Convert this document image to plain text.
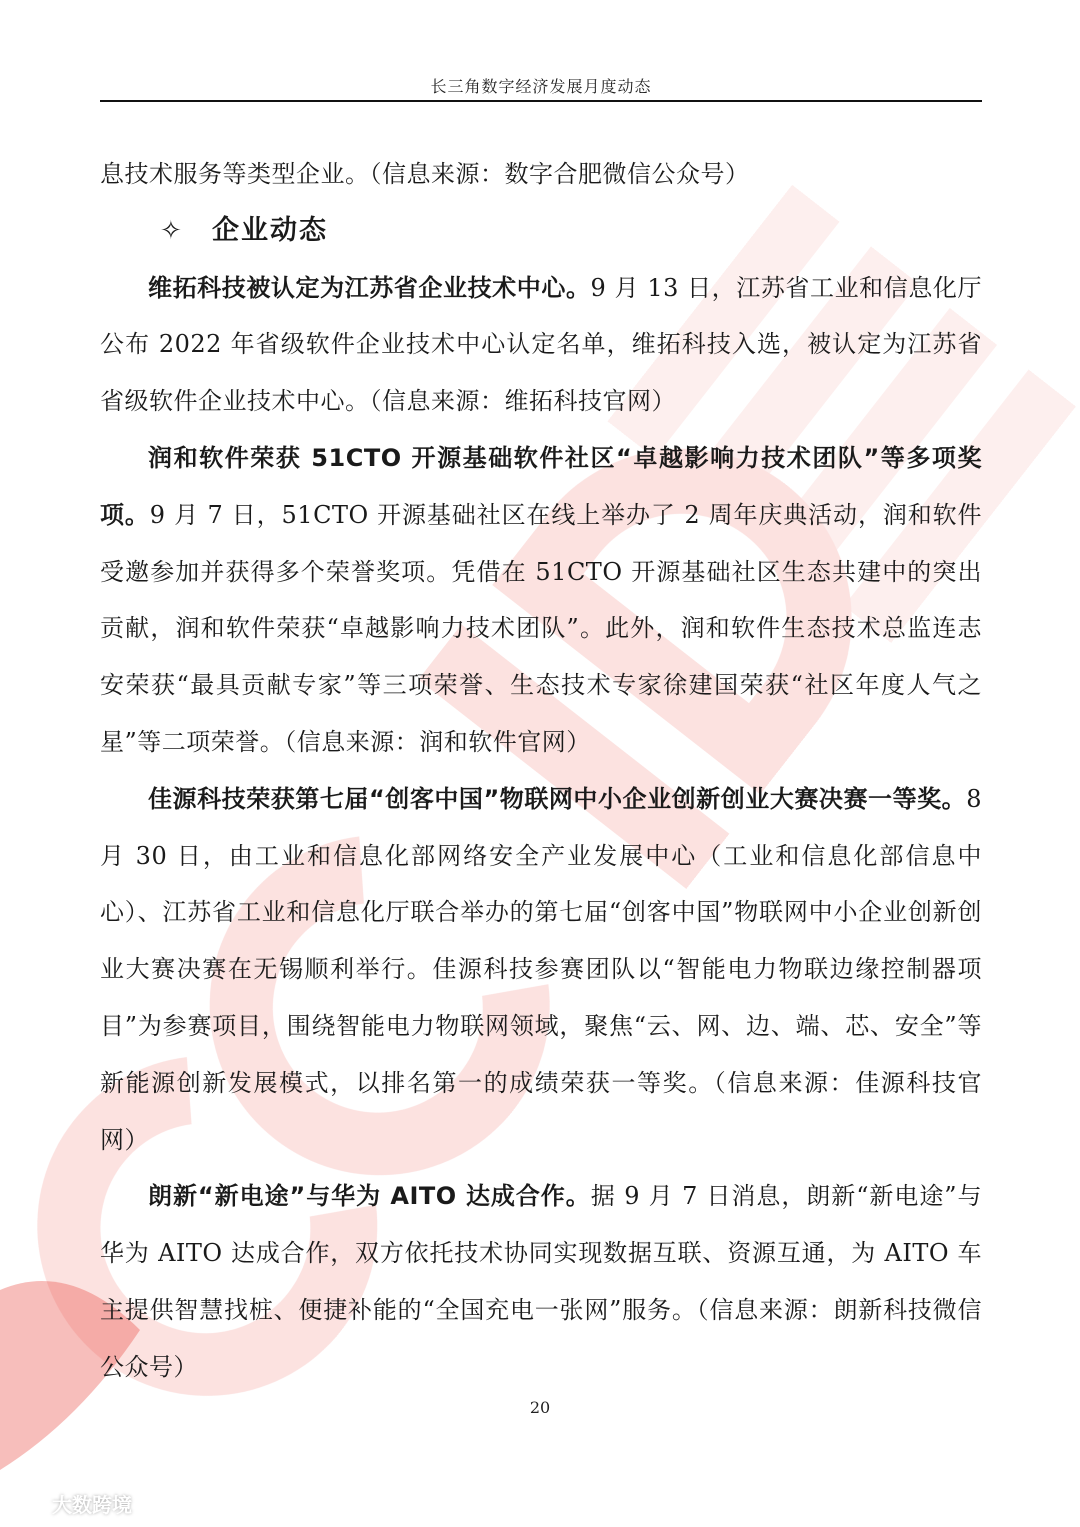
长三角数字经济发展月度动态

息技术服务等类型企业。（信息来源：数字合肥微信公众号）

✧ 企业动态

维拓科技被认定为江苏省企业技术中心。9 月 13 日，江苏省工业和信息化厅公布 2022 年省级软件企业技术中心认定名单，维拓科技入选，被认定为江苏省省级软件企业技术中心。（信息来源：维拓科技官网）

润和软件荣获 51CTO 开源基础软件社区“卓越影响力技术团队”等多项奖项。9 月 7 日，51CTO 开源基础社区在线上举办了 2 周年庆典活动，润和软件受邀参加并获得多个荣誉奖项。凭借在 51CTO 开源基础社区生态共建中的突出贡献，润和软件荣获“卓越影响力技术团队”。此外，润和软件生态技术总监连志安荣获“最具贡献专家”等三项荣誉、生态技术专家徐建国荣获“社区年度人气之星”等二项荣誉。（信息来源：润和软件官网）

佳源科技荣获第七届“创客中国”物联网中小企业创新创业大赛决赛一等奖。8 月 30 日，由工业和信息化部网络安全产业发展中心（工业和信息化部信息中心）、江苏省工业和信息化厅联合举办的第七届“创客中国”物联网中小企业创新创业大赛决赛在无锡顺利举行。佳源科技参赛团队以“智能电力物联边缘控制器项目”为参赛项目，围绕智能电力物联网领域，聚焦“云、网、边、端、芯、安全”等新能源创新发展模式，以排名第一的成绩荣获一等奖。（信息来源：佳源科技官网）

朗新“新电途”与华为 AITO 达成合作。据 9 月 7 日消息，朗新“新电途”与华为 AITO 达成合作，双方依托技术协同实现数据互联、资源互通，为 AITO 车主提供智慧找桩、便捷补能的“全国充电一张网”服务。（信息来源：朗新科技微信公众号）

20
大数跨境
